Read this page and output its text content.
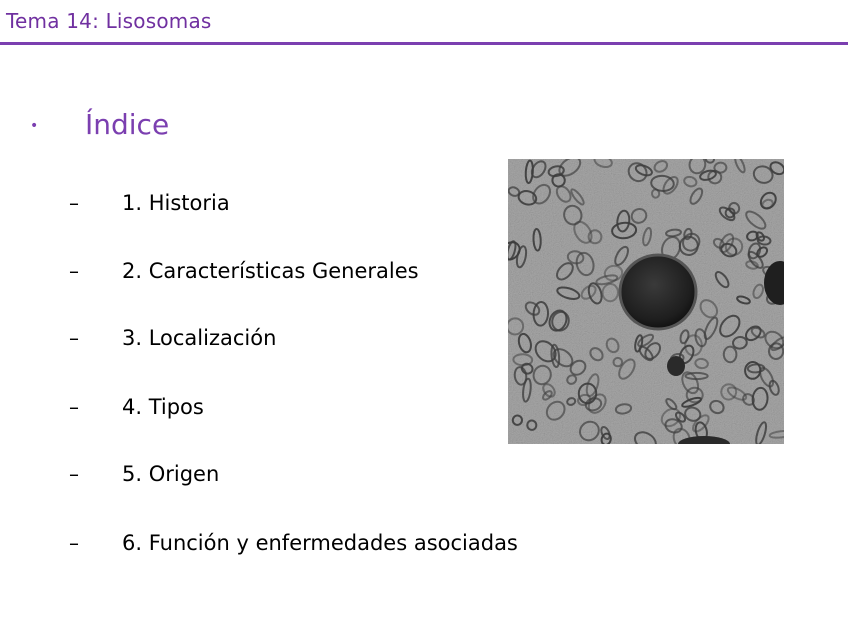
Tema 14: Lisosomas
• Índice
– 1. Historia
– 2. Características Generales
– 3. Localización
– 4. Tipos
– 5. Origen
– 6. Función y enfermedades asociadas
